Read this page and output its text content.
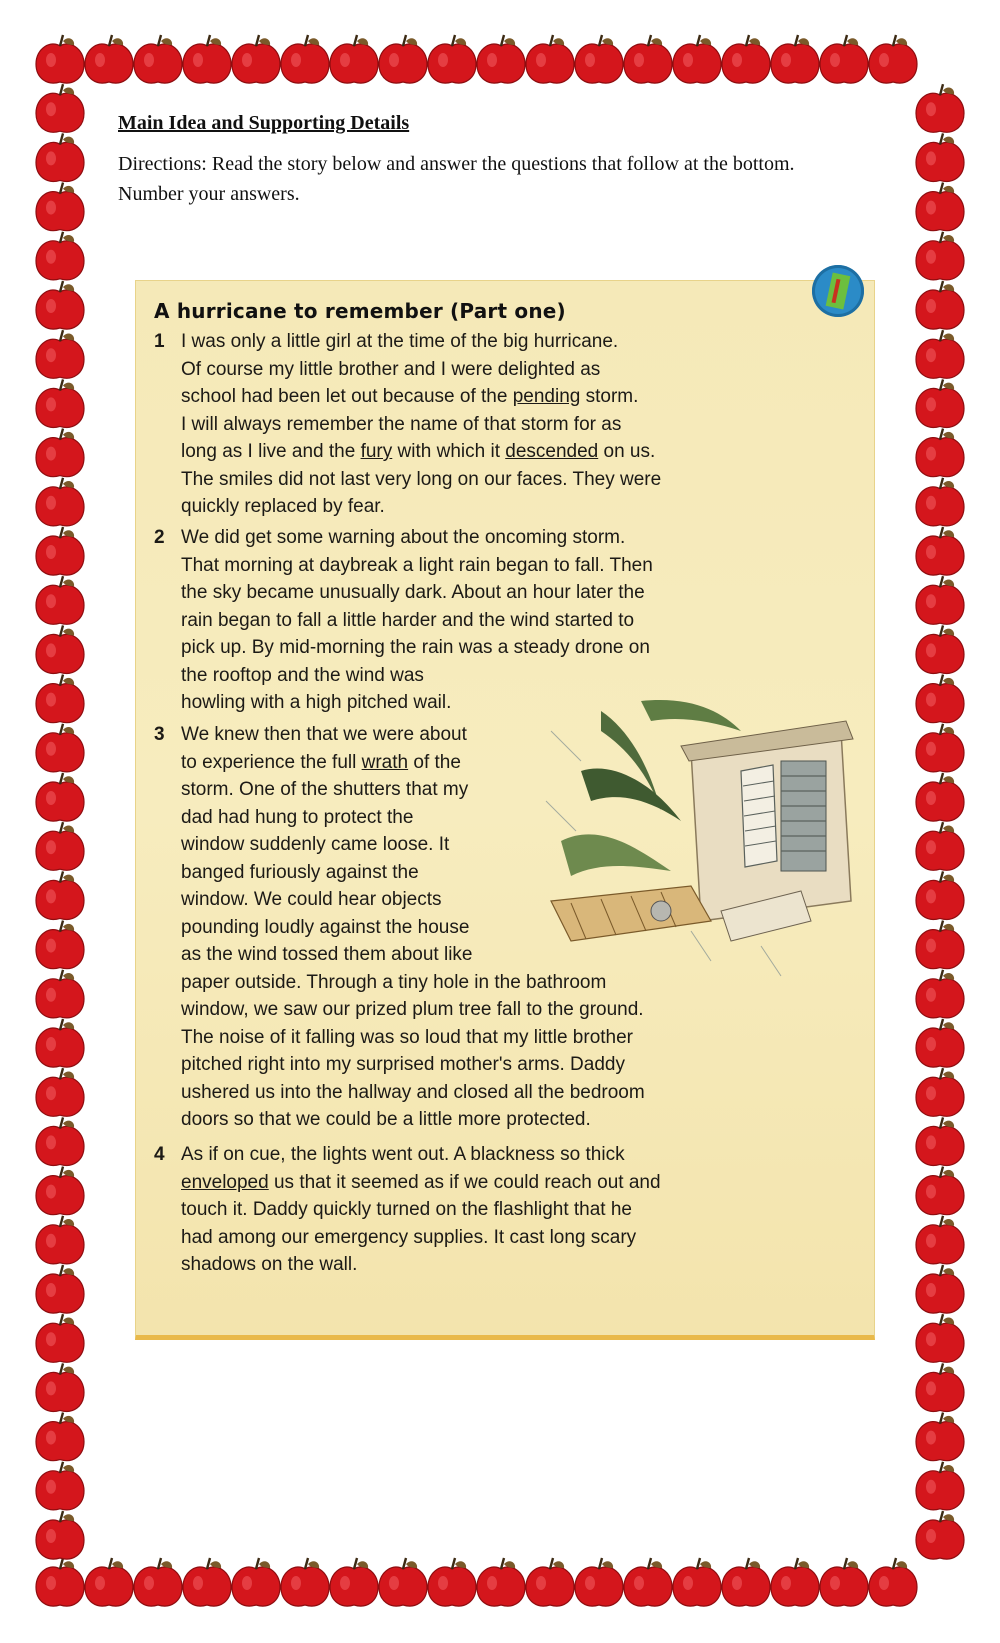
Main Idea and Supporting Details

Directions: Read the story below and answer the questions that follow at the bottom. Number your answers.

A hurricane to remember (Part one)
1 I was only a little girl at the time of the big hurricane.
Of course my little brother and I were delighted as
school had been let out because of the pending storm.
I will always remember the name of that storm for as
long as I live and the fury with which it descended on us.
The smiles did not last very long on our faces. They were
quickly replaced by fear.
2 We did get some warning about the oncoming storm.
That morning at daybreak a light rain began to fall. Then
the sky became unusually dark. About an hour later the
rain began to fall a little harder and the wind started to
pick up. By mid-morning the rain was a steady drone on
the rooftop and the wind was
howling with a high pitched wail.
3 We knew then that we were about
to experience the full wrath of the
storm. One of the shutters that my
dad had hung to protect the
window suddenly came loose. It
banged furiously against the
window. We could hear objects
pounding loudly against the house
as the wind tossed them about like
paper outside. Through a tiny hole in the bathroom
window, we saw our prized plum tree fall to the ground.
The noise of it falling was so loud that my little brother
pitched right into my surprised mother's arms. Daddy
ushered us into the hallway and closed all the bedroom
doors so that we could be a little more protected.
4 As if on cue, the lights went out. A blackness so thick
enveloped us that it seemed as if we could reach out and
touch it. Daddy quickly turned on the flashlight that he
had among our emergency supplies. It cast long scary
shadows on the wall.
